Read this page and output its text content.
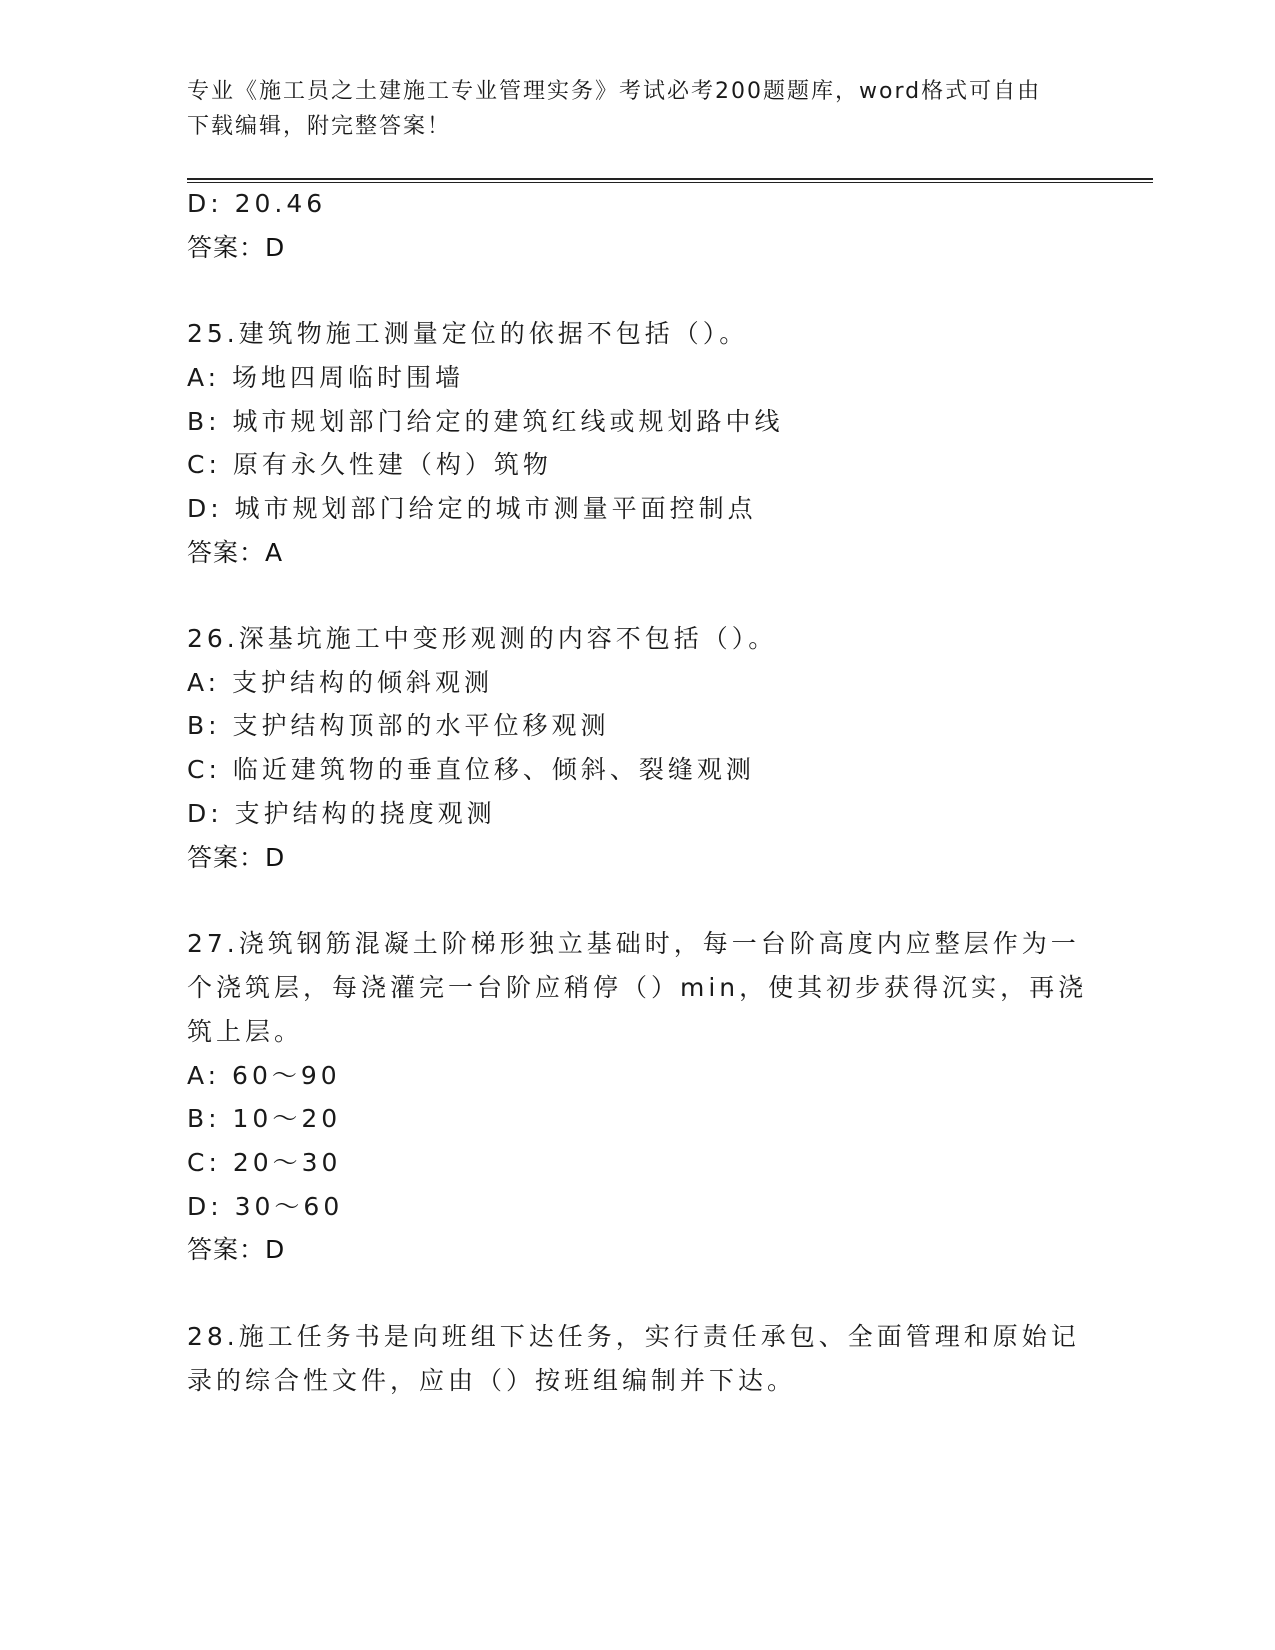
专业《施工员之土建施工专业管理实务》考试必考200题题库，word格式可自由
下载编辑，附完整答案！
D: 20.46
答案：D
25.建筑物施工测量定位的依据不包括（）。
A: 场地四周临时围墙
B: 城市规划部门给定的建筑红线或规划路中线
C: 原有永久性建（构）筑物
D: 城市规划部门给定的城市测量平面控制点
答案：A
26.深基坑施工中变形观测的内容不包括（）。
A: 支护结构的倾斜观测
B: 支护结构顶部的水平位移观测
C: 临近建筑物的垂直位移、倾斜、裂缝观测
D: 支护结构的挠度观测
答案：D
27.浇筑钢筋混凝土阶梯形独立基础时，每一台阶高度内应整层作为一
个浇筑层，每浇灌完一台阶应稍停（）min，使其初步获得沉实，再浇
筑上层。
A: 60～90
B: 10～20
C: 20～30
D: 30～60
答案：D
28.施工任务书是向班组下达任务，实行责任承包、全面管理和原始记
录的综合性文件，应由（）按班组编制并下达。
